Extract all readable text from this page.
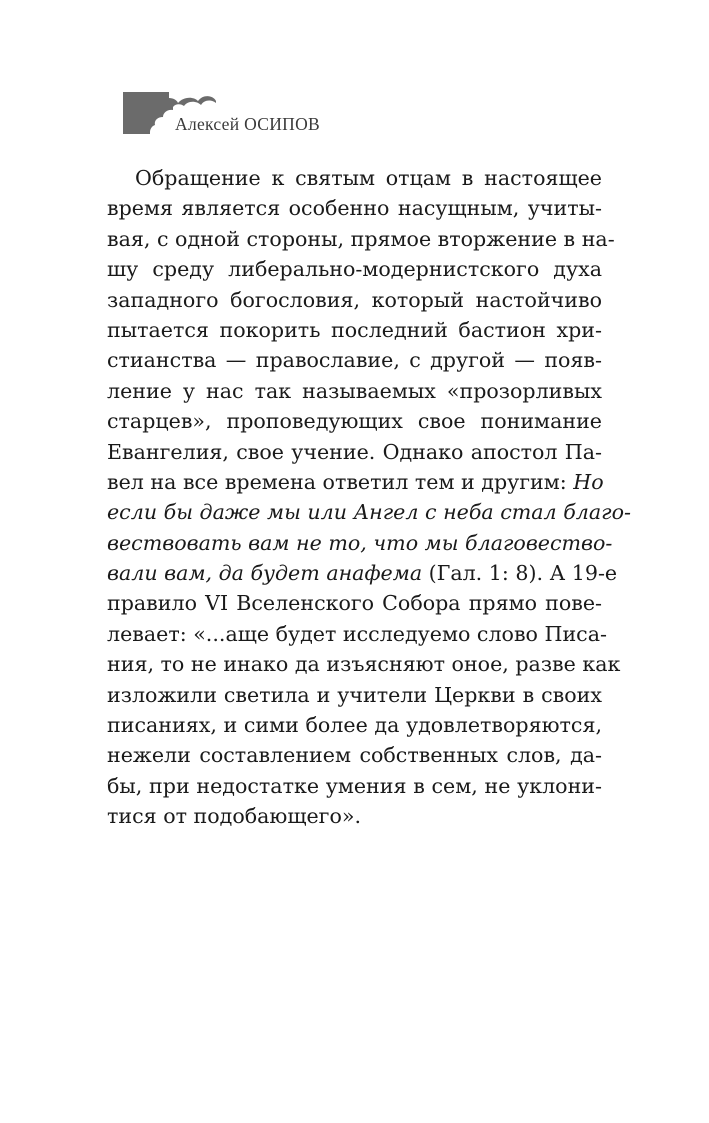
Алексей ОСИПОВ
Обращение к святым отцам в настоящее
время является особенно насущным, учиты-
вая, с одной стороны, прямое вторжение в на-
шу среду либерально-модернистского духа
западного богословия, который настойчиво
пытается покорить последний бастион хри-
стианства — православие, с другой — появ-
ление у нас так называемых «прозорливых
старцев», проповедующих свое понимание
Евангелия, свое учение. Однако апостол Па-
вел на все времена ответил тем и другим: Но
если бы даже мы или Ангел с неба стал благо-
вествовать вам не то, что мы благовество-
вали вам, да будет анафема (Гал. 1: 8). А 19-е
правило VI Вселенского Собора прямо пове-
левает: «...аще будет исследуемо слово Писа-
ния, то не инако да изъясняют оное, разве как
изложили светила и учители Церкви в своих
писаниях, и сими более да удовлетворяются,
нежели составлением собственных слов, да-
бы, при недостатке умения в сем, не уклони-
тися от подобающего».
